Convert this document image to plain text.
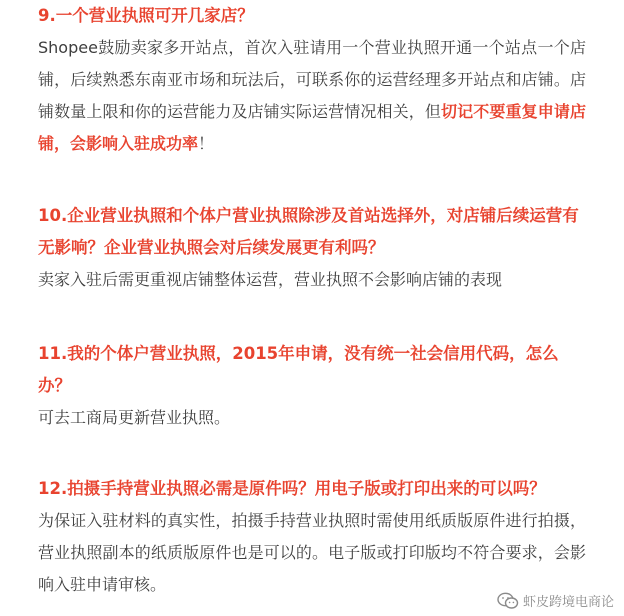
9.一个营业执照可开几家店？

Shopee鼓励卖家多开站点，首次入驻请用一个营业执照开通一个站点一个店铺，后续熟悉东南亚市场和玩法后，可联系你的运营经理多开站点和店铺。店铺数量上限和你的运营能力及店铺实际运营情况相关，但切记不要重复申请店铺，会影响入驻成功率！

10.企业营业执照和个体户营业执照除涉及首站选择外，对店铺后续运营有无影响？企业营业执照会对后续发展更有利吗？

卖家入驻后需更重视店铺整体运营，营业执照不会影响店铺的表现

11.我的个体户营业执照，2015年申请，没有统一社会信用代码，怎么办？

可去工商局更新营业执照。

12.拍摄手持营业执照必需是原件吗？用电子版或打印出来的可以吗？

为保证入驻材料的真实性，拍摄手持营业执照时需使用纸质版原件进行拍摄，营业执照副本的纸质版原件也是可以的。电子版或打印版均不符合要求，会影响入驻申请审核。

虾皮跨境电商论
